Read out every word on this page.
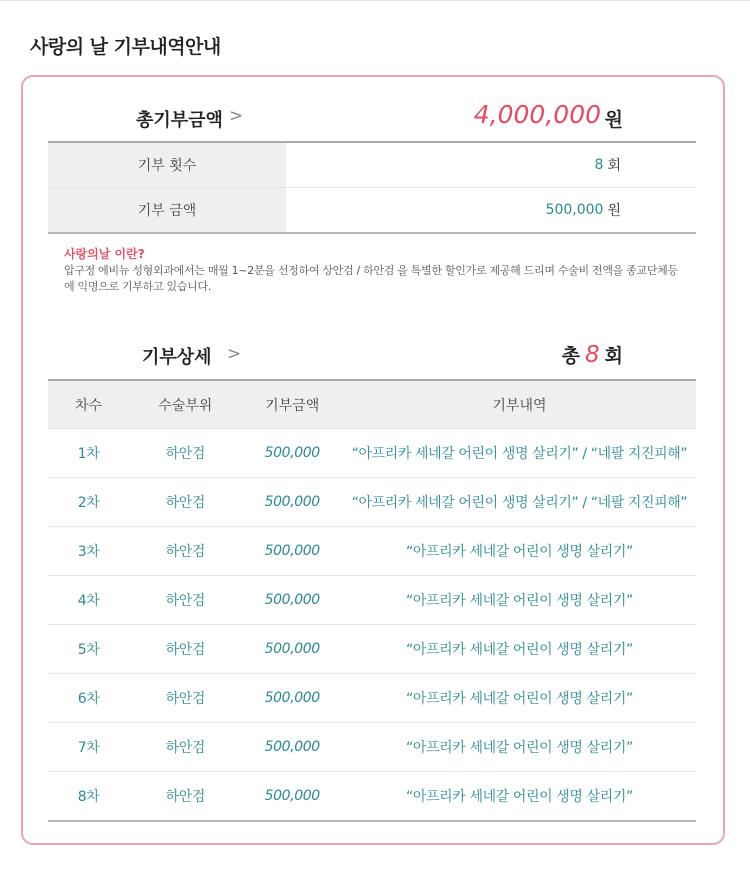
사랑의 날 기부내역안내
총기부금액 >	4,000,000 원
기부 횟수	8 회
기부 금액	500,000 원
사랑의날 이란?
압구정 에비뉴 성형외과에서는 매월 1~2분을 선정하여 상안검 / 하안검 을 특별한 할인가로 제공해 드리며 수술비 전액을 종교단체등에 익명으로 기부하고 있습니다.
기부상세 >	총 8 회
차수	수술부위	기부금액	기부내역
1차	하안검	500,000	“아프리카 세네갈 어린이 생명 살리기” / “네팔 지진피해”
2차	하안검	500,000	“아프리카 세네갈 어린이 생명 살리기” / “네팔 지진피해”
3차	하안검	500,000	“아프리카 세네갈 어린이 생명 살리기”
4차	하안검	500,000	“아프리카 세네갈 어린이 생명 살리기”
5차	하안검	500,000	“아프리카 세네갈 어린이 생명 살리기”
6차	하안검	500,000	“아프리카 세네갈 어린이 생명 살리기”
7차	하안검	500,000	“아프리카 세네갈 어린이 생명 살리기”
8차	하안검	500,000	“아프리카 세네갈 어린이 생명 살리기”
